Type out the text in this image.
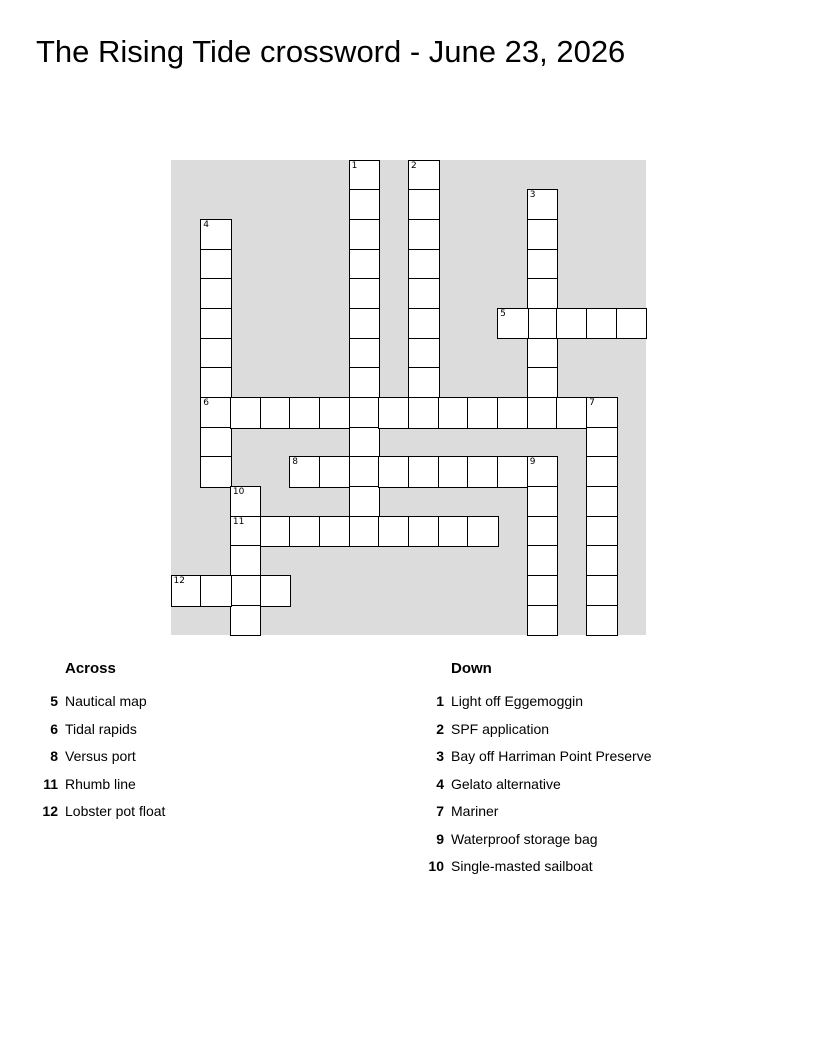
The Rising Tide crossword - June 23, 2026
1	2
3
4
6
5
7
8	9
10
11
12
Across
5 Nautical map
6 Tidal rapids
8 Versus port
11 Rhumb line
12 Lobster pot float
Down
1 Light off Eggemoggin
2 SPF application
3 Bay off Harriman Point Preserve
4 Gelato alternative
7 Mariner
9 Waterproof storage bag
10 Single-masted sailboat
